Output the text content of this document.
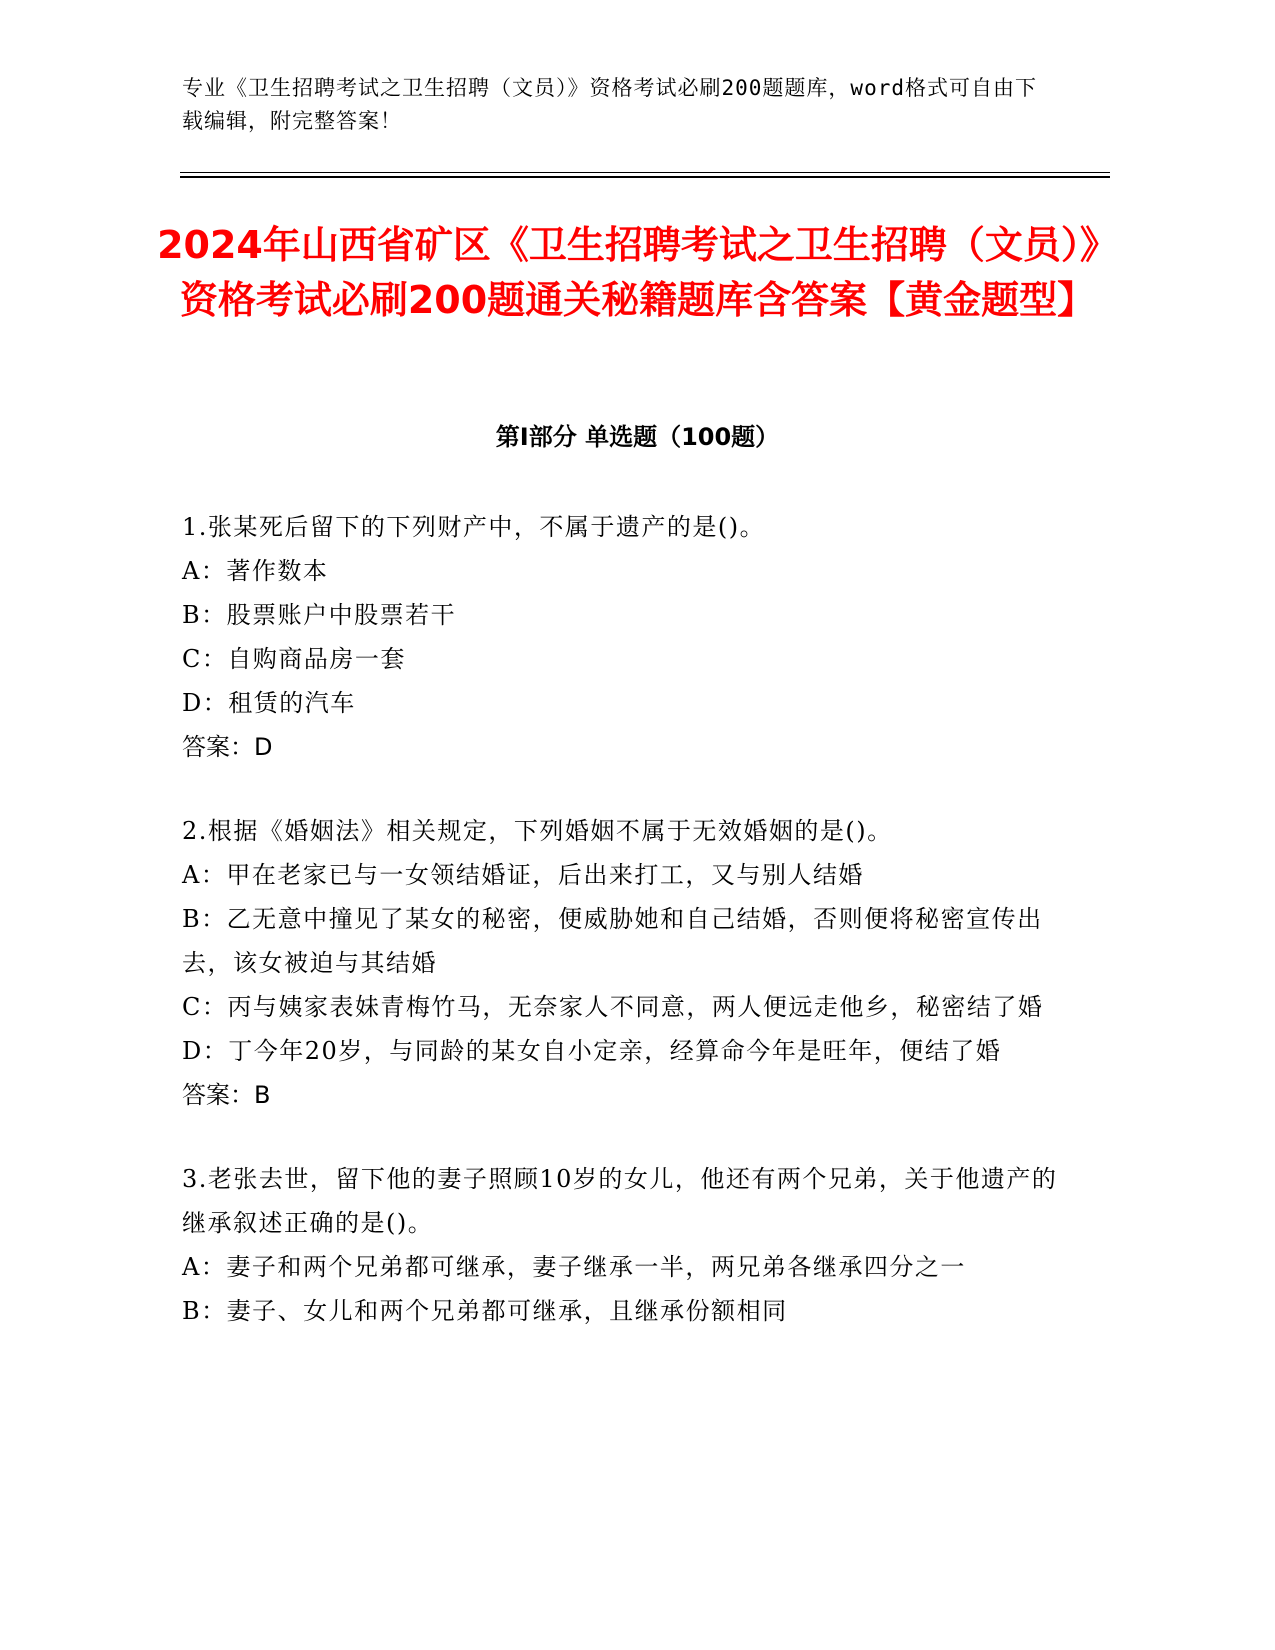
专业《卫生招聘考试之卫生招聘（文员）》资格考试必刷200题题库，word格式可自由下载编辑，附完整答案！
2024年山西省矿区《卫生招聘考试之卫生招聘（文员）》资格考试必刷200题通关秘籍题库含答案【黄金题型】
第Ⅰ部分 单选题（100题）

1.张某死后留下的下列财产中，不属于遗产的是()。

A：著作数本

B：股票账户中股票若干

C：自购商品房一套

D：租赁的汽车

答案：D

2.根据《婚姻法》相关规定，下列婚姻不属于无效婚姻的是()。

A：甲在老家已与一女领结婚证，后出来打工，又与别人结婚

B：乙无意中撞见了某女的秘密，便威胁她和自己结婚，否则便将秘密宣传出去，该女被迫与其结婚

C：丙与姨家表妹青梅竹马，无奈家人不同意，两人便远走他乡，秘密结了婚

D：丁今年20岁，与同龄的某女自小定亲，经算命今年是旺年，便结了婚

答案：B

3.老张去世，留下他的妻子照顾10岁的女儿，他还有两个兄弟，关于他遗产的继承叙述正确的是()。

A：妻子和两个兄弟都可继承，妻子继承一半，两兄弟各继承四分之一

B：妻子、女儿和两个兄弟都可继承，且继承份额相同
